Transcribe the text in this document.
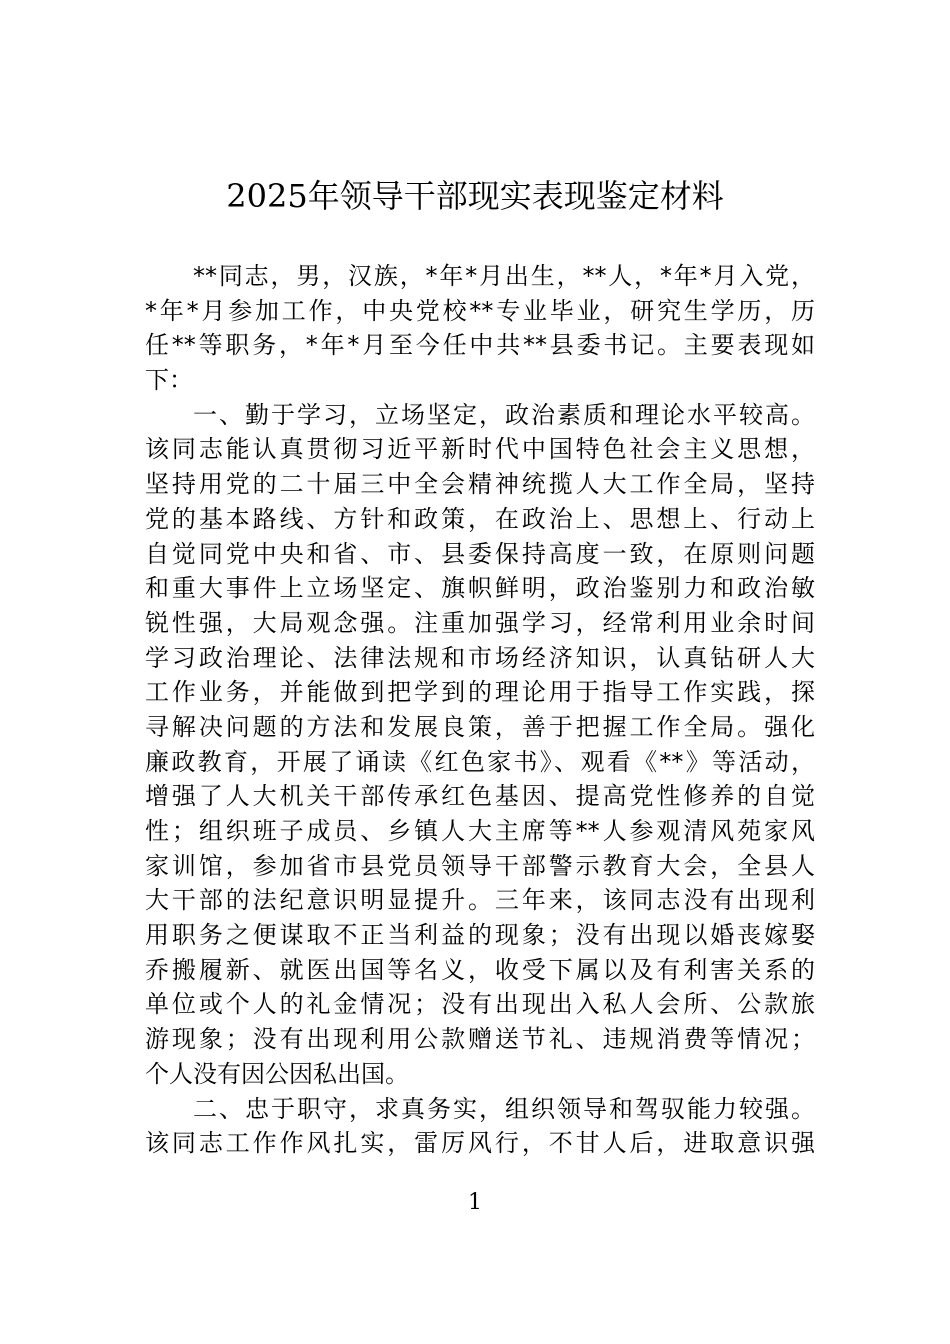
2025年领导干部现实表现鉴定材料

**同志，男，汉族，*年*月出生，**人，*年*月入党，

*年*月参加工作，中央党校**专业毕业，研究生学历，历

任**等职务，*年*月至今任中共**县委书记。主要表现如

下：

一、勤于学习，立场坚定，政治素质和理论水平较高。

该同志能认真贯彻习近平新时代中国特色社会主义思想，

坚持用党的二十届三中全会精神统揽人大工作全局，坚持

党的基本路线、方针和政策，在政治上、思想上、行动上

自觉同党中央和省、市、县委保持高度一致，在原则问题

和重大事件上立场坚定、旗帜鲜明，政治鉴别力和政治敏

锐性强，大局观念强。注重加强学习，经常利用业余时间

学习政治理论、法律法规和市场经济知识，认真钻研人大

工作业务，并能做到把学到的理论用于指导工作实践，探

寻解决问题的方法和发展良策，善于把握工作全局。强化

廉政教育，开展了诵读《红色家书》、观看《**》等活动，

增强了人大机关干部传承红色基因、提高党性修养的自觉

性；组织班子成员、乡镇人大主席等**人参观清风苑家风

家训馆，参加省市县党员领导干部警示教育大会，全县人

大干部的法纪意识明显提升。三年来，该同志没有出现利

用职务之便谋取不正当利益的现象；没有出现以婚丧嫁娶

乔搬履新、就医出国等名义，收受下属以及有利害关系的

单位或个人的礼金情况；没有出现出入私人会所、公款旅

游现象；没有出现利用公款赠送节礼、违规消费等情况；

个人没有因公因私出国。

二、忠于职守，求真务实，组织领导和驾驭能力较强。

该同志工作作风扎实，雷厉风行，不甘人后，进取意识强

1
